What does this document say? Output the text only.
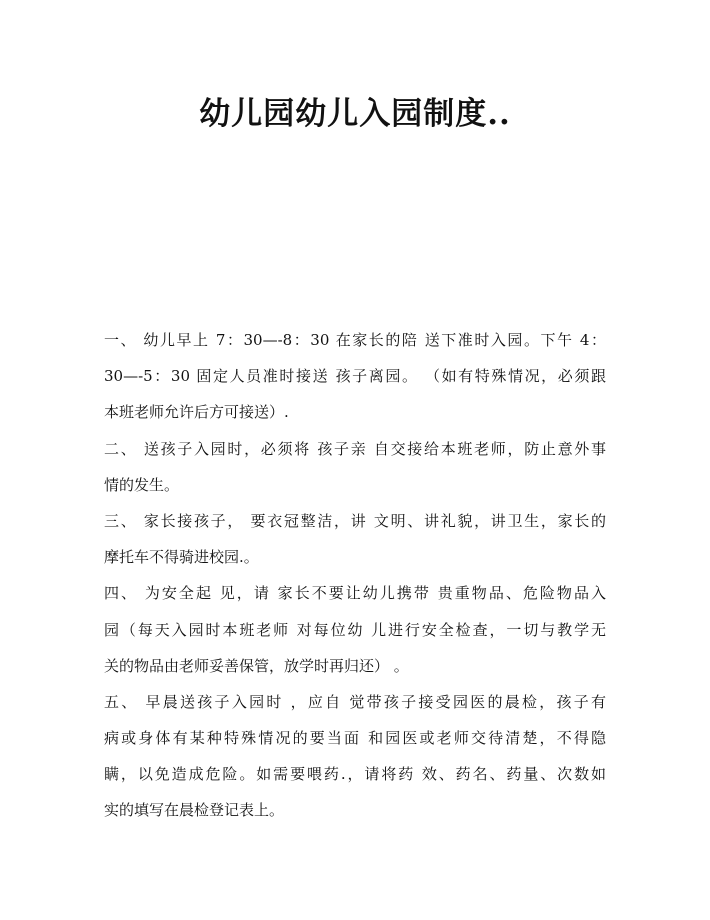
幼儿园幼儿入园制度..
一、 幼儿早上 7：30—-8：30 在家长的陪 送下准时入园。下午 4：
30—-5：30 固定人员准时接送 孩子离园。 （如有特殊情况，必须跟
本班老师允许后方可接送）.
二、 送孩子入园时，必须将 孩子亲 自交接给本班老师，防止意外事
情的发生。
三、 家长接孩子， 要衣冠整洁，讲 文明、讲礼貌，讲卫生，家长的
摩托车不得骑进校园.。
四、 为安全起 见，请 家长不要让幼儿携带 贵重物品、危险物品入
园（每天入园时本班老师 对每位幼 儿进行安全检查，一切与教学无
关的物品由老师妥善保管，放学时再归还） 。
五、 早晨送孩子入园时 ，应自 觉带孩子接受园医的晨检，孩子有
病或身体有某种特殊情况的要当面 和园医或老师交待清楚，不得隐
瞒，以免造成危险。如需要喂药.，请将药 效、药名、药量、次数如
实的填写在晨检登记表上。
